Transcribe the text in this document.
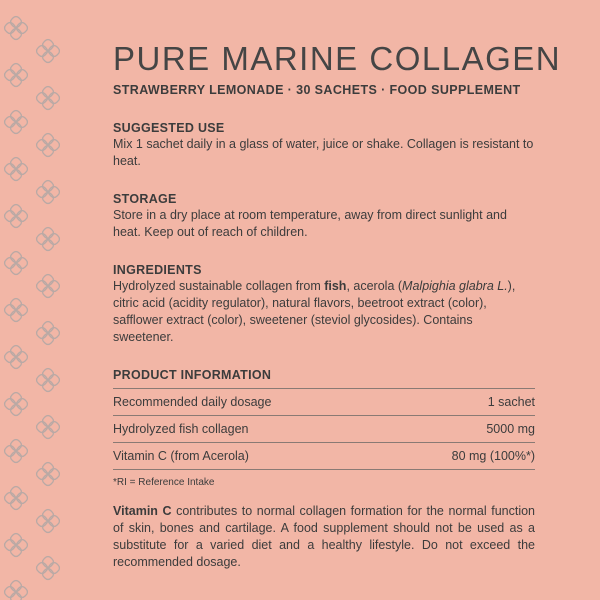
PURE MARINE COLLAGEN
STRAWBERRY LEMONADE · 30 SACHETS · FOOD SUPPLEMENT
SUGGESTED USE
Mix 1 sachet daily in a glass of water, juice or shake. Collagen is resistant to heat.
STORAGE
Store in a dry place at room temperature, away from direct sunlight and heat. Keep out of reach of children.
INGREDIENTS
Hydrolyzed sustainable collagen from fish, acerola (Malpighia glabra L.), citric acid (acidity regulator), natural flavors, beetroot extract (color), safflower extract (color), sweetener (steviol glycosides). Contains sweetener.
PRODUCT INFORMATION
Recommended daily dosage	1 sachet
Hydrolyzed fish collagen	5000 mg
Vitamin C (from Acerola)	80 mg (100%*)
*RI = Reference Intake
Vitamin C contributes to normal collagen formation for the normal function of skin, bones and cartilage. A food supplement should not be used as a substitute for a varied diet and a healthy lifestyle. Do not exceed the recommended dosage.
